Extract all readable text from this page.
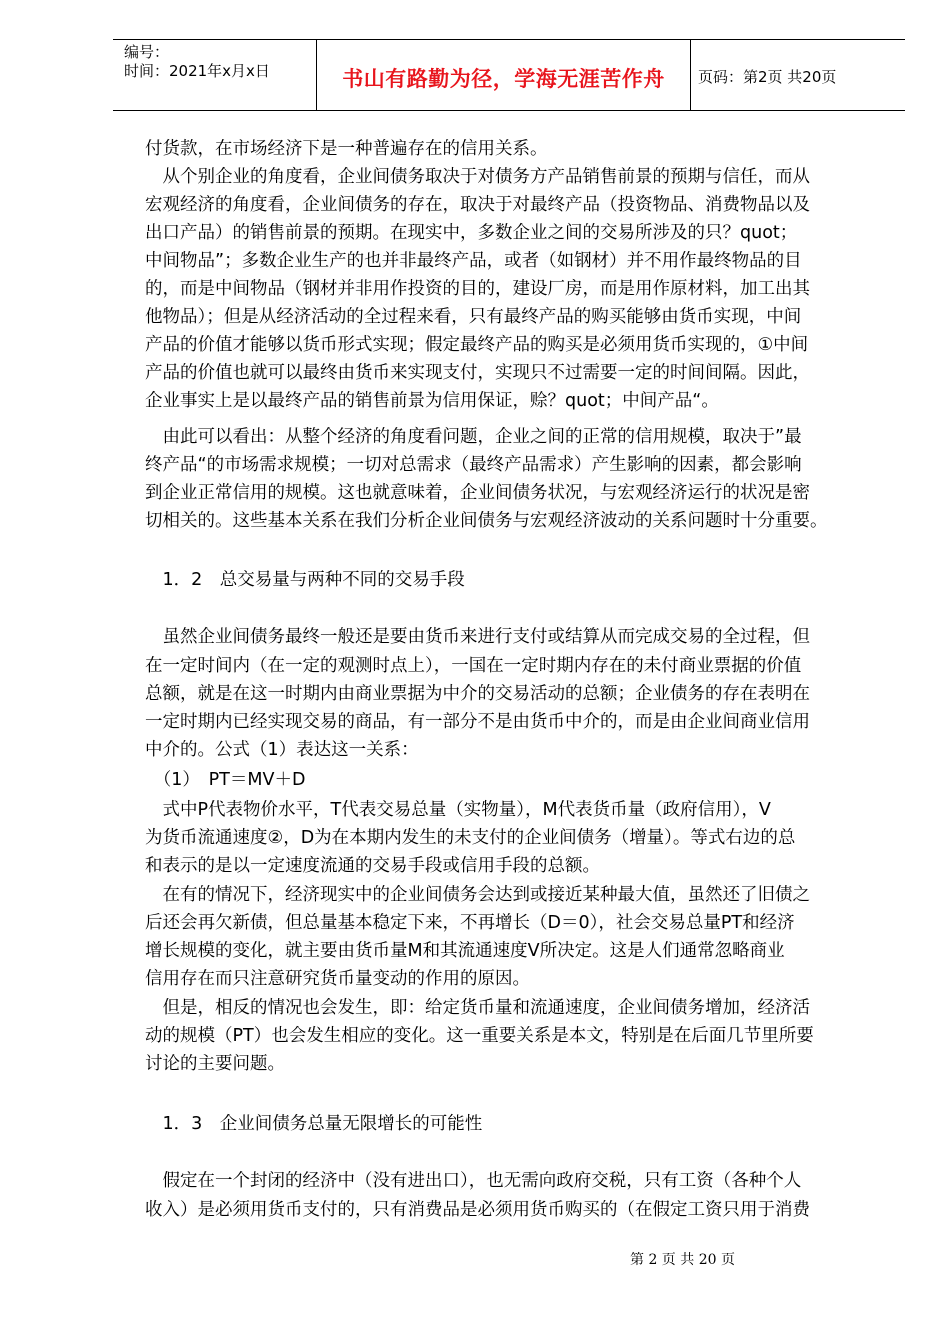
编号：
时间：2021年x月x日	书山有路勤为径，学海无涯苦作舟	页码：第2页 共20页
付货款，在市场经济下是一种普遍存在的信用关系。
　从个别企业的角度看，企业间债务取决于对债务方产品销售前景的预期与信任，而从
宏观经济的角度看，企业间债务的存在，取决于对最终产品（投资物品、消费物品以及
出口产品）的销售前景的预期。在现实中，多数企业之间的交易所涉及的只？quot；
中间物品”；多数企业生产的也并非最终产品，或者（如钢材）并不用作最终物品的目
的，而是中间物品（钢材并非用作投资的目的，建设厂房，而是用作原材料，加工出其
他物品）；但是从经济活动的全过程来看，只有最终产品的购买能够由货币实现，中间
产品的价值才能够以货币形式实现；假定最终产品的购买是必须用货币实现的，①中间
产品的价值也就可以最终由货币来实现支付，实现只不过需要一定的时间间隔。因此，
企业事实上是以最终产品的销售前景为信用保证，赊？quot；中间产品“。
　由此可以看出：从整个经济的角度看问题，企业之间的正常的信用规模，取决于”最
终产品“的市场需求规模；一切对总需求（最终产品需求）产生影响的因素，都会影响
到企业正常信用的规模。这也就意味着，企业间债务状况，与宏观经济运行的状况是密
切相关的。这些基本关系在我们分析企业间债务与宏观经济波动的关系问题时十分重要。
　1．2　总交易量与两种不同的交易手段
　虽然企业间债务最终一般还是要由货币来进行支付或结算从而完成交易的全过程，但
在一定时间内（在一定的观测时点上），一国在一定时期内存在的未付商业票据的价值
总额，就是在这一时期内由商业票据为中介的交易活动的总额；企业债务的存在表明在
一定时期内已经实现交易的商品，有一部分不是由货币中介的，而是由企业间商业信用
中介的。公式（1）表达这一关系：
　（1）　PT＝MV＋D
　式中P代表物价水平，T代表交易总量（实物量），M代表货币量（政府信用），V
为货币流通速度②，D为在本期内发生的未支付的企业间债务（增量）。等式右边的总
和表示的是以一定速度流通的交易手段或信用手段的总额。
　在有的情况下，经济现实中的企业间债务会达到或接近某种最大值，虽然还了旧债之
后还会再欠新债，但总量基本稳定下来，不再增长（D＝0），社会交易总量PT和经济
增长规模的变化，就主要由货币量M和其流通速度V所决定。这是人们通常忽略商业
信用存在而只注意研究货币量变动的作用的原因。
　但是，相反的情况也会发生，即：给定货币量和流通速度，企业间债务增加，经济活
动的规模（PT）也会发生相应的变化。这一重要关系是本文，特别是在后面几节里所要
讨论的主要问题。
　1．3　企业间债务总量无限增长的可能性
　假定在一个封闭的经济中（没有进出口），也无需向政府交税，只有工资（各种个人
收入）是必须用货币支付的，只有消费品是必须用货币购买的（在假定工资只用于消费
第 2 页 共 20 页
